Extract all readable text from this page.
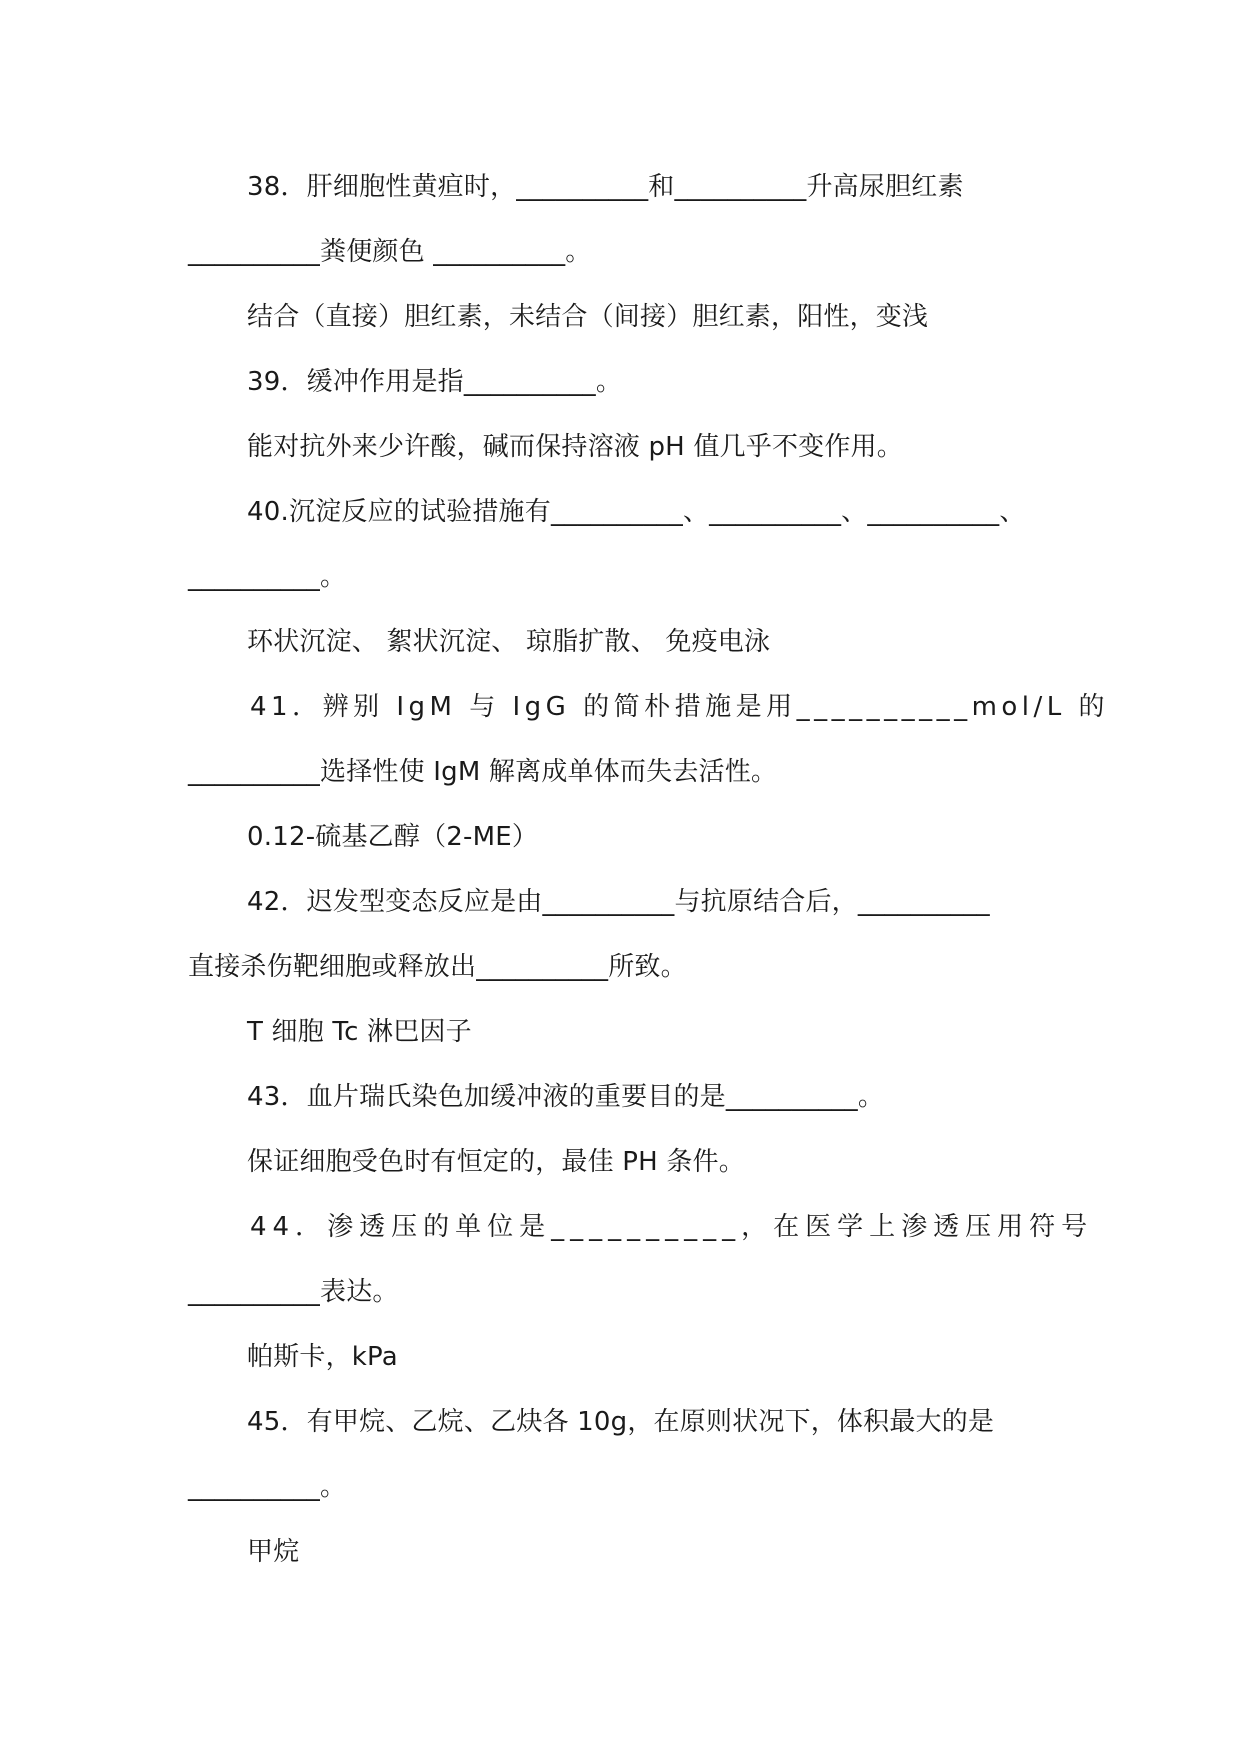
38．肝细胞性黄疸时，__________和__________升高尿胆红素
__________粪便颜色 __________。
结合（直接）胆红素，未结合（间接）胆红素，阳性，变浅
39．缓冲作用是指__________。
能对抗外来少许酸，碱而保持溶液 pH 值几乎不变作用。
40.沉淀反应的试验措施有__________、__________、__________、
__________。
环状沉淀、 絮状沉淀、 琼脂扩散、 免疫电泳
41．辨别 IgM 与 IgG 的简朴措施是用__________mol/L 的
__________选择性使 IgM 解离成单体而失去活性。
0.12-硫基乙醇（2-ME）
42．迟发型变态反应是由__________与抗原结合后，__________
直接杀伤靶细胞或释放出__________所致。
T 细胞 Tc 淋巴因子
43．血片瑞氏染色加缓冲液的重要目的是__________。
保证细胞受色时有恒定的，最佳 PH 条件。
44．渗透压的单位是__________，在医学上渗透压用符号
__________表达。
帕斯卡，kPa
45．有甲烷、乙烷、乙炔各 10g，在原则状况下，体积最大的是
__________。
甲烷
